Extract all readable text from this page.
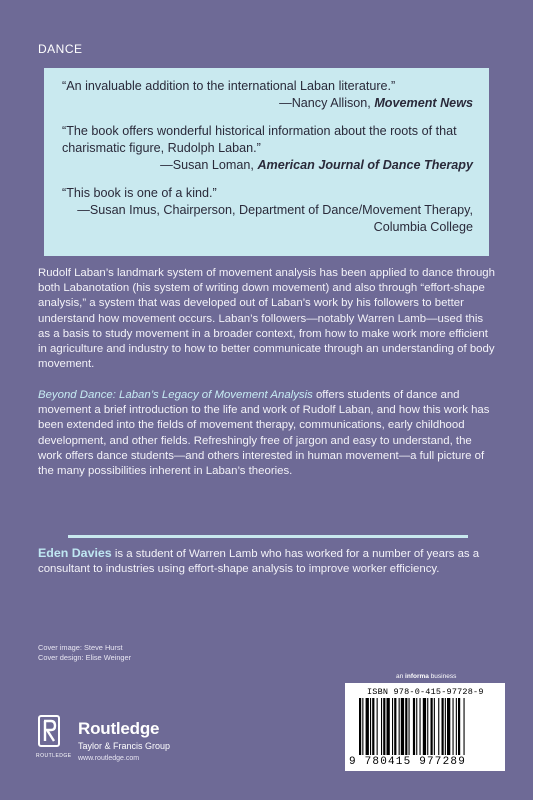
DANCE
“An invaluable addition to the international Laban literature.”
—Nancy Allison, Movement News
“The book offers wonderful historical information about the roots of that charismatic figure, Rudolph Laban.”
—Susan Loman, American Journal of Dance Therapy
“This book is one of a kind.”
—Susan Imus, Chairperson, Department of Dance/Movement Therapy, Columbia College
Rudolf Laban’s landmark system of movement analysis has been applied to dance through both Labanotation (his system of writing down movement) and also through “effort-shape analysis,” a system that was developed out of Laban’s work by his followers to better understand how movement occurs. Laban’s followers—notably Warren Lamb—used this as a basis to study movement in a broader context, from how to make work more efficient in agriculture and industry to how to better communicate through an understanding of body movement.
Beyond Dance: Laban’s Legacy of Movement Analysis offers students of dance and movement a brief introduction to the life and work of Rudolf Laban, and how this work has been extended into the fields of movement therapy, communications, early childhood development, and other fields. Refreshingly free of jargon and easy to understand, the work offers dance students—and others interested in human movement—a full picture of the many possibilities inherent in Laban’s theories.
Eden Davies is a student of Warren Lamb who has worked for a number of years as a consultant to industries using effort-shape analysis to improve worker efficiency.
Cover image: Steve Hurst
Cover design: Elise Weinger
ROUTLEDGE
Routledge
Taylor & Francis Group
www.routledge.com
an informa business
ISBN 978-0-415-97728-9
9 780415 977289
